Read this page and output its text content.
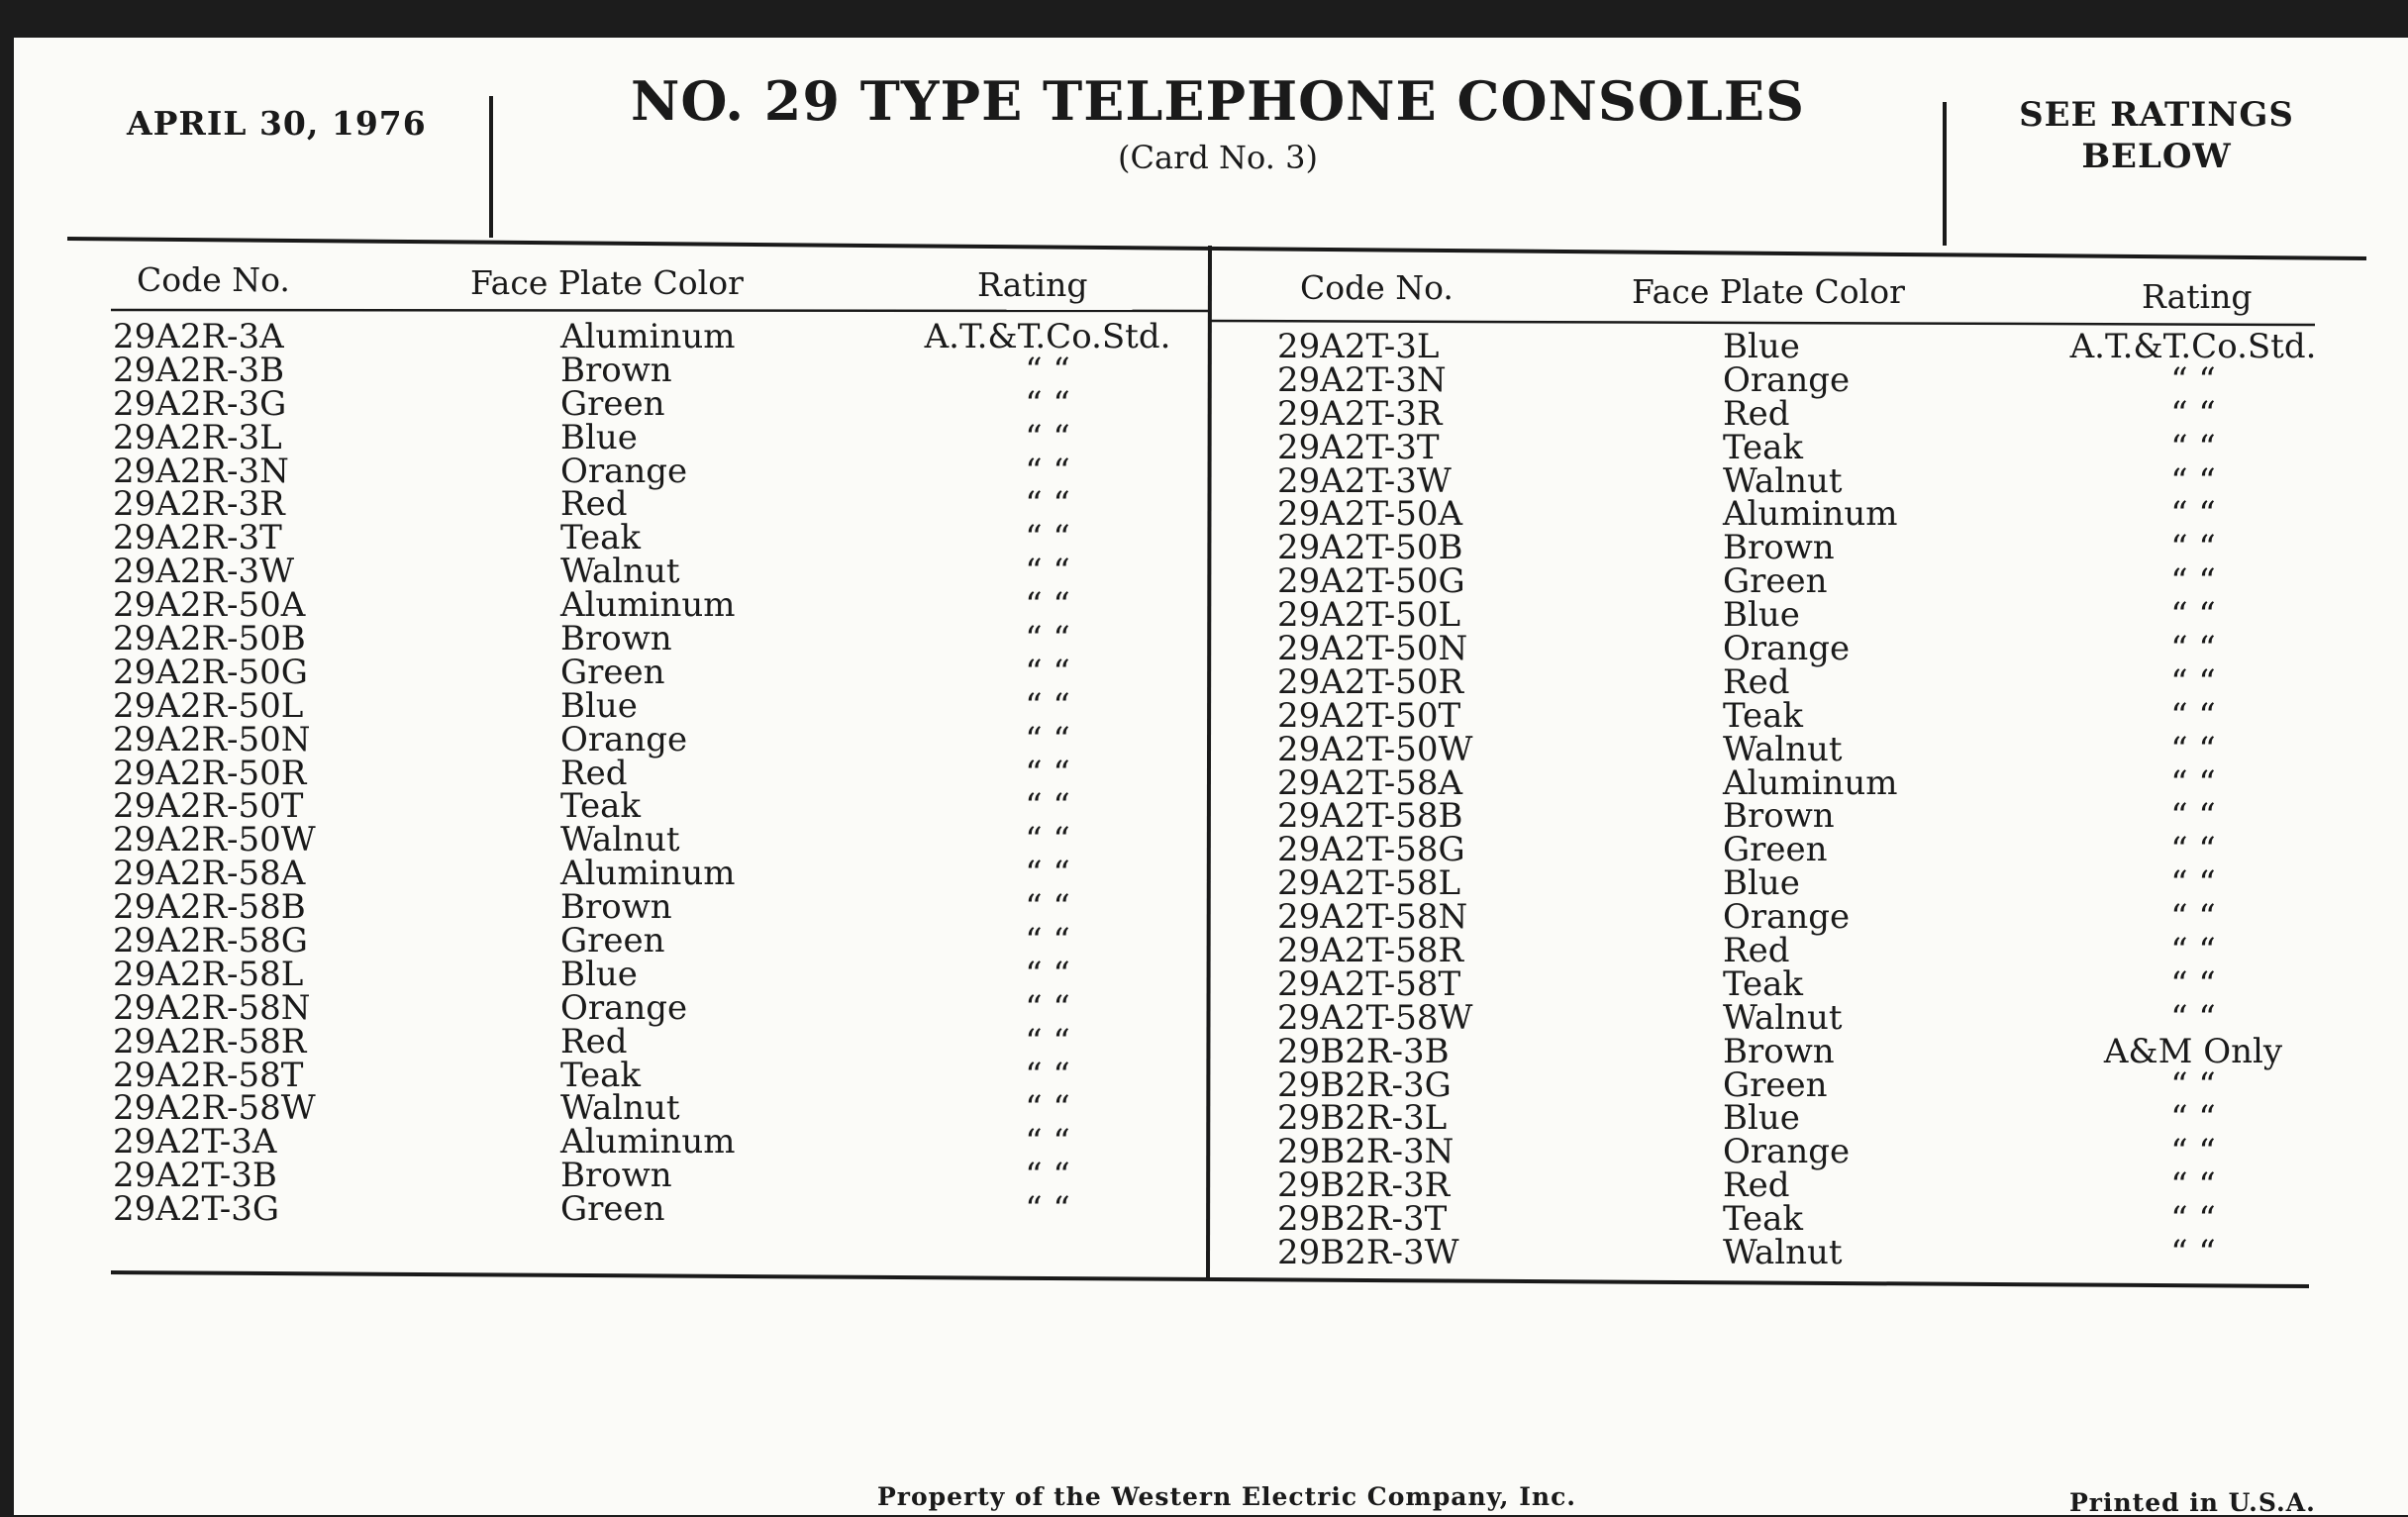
APRIL 30, 1976	NO. 29 TYPE TELEPHONE CONSOLES
(Card No. 3)
SEE RATINGS
BELOW
Code No.	Face Plate Color	Rating	Code No.	Face Plate Color	Rating
29A2R-3A	Aluminum	A.T.&T.Co.Std.
29A2R-3B	Brown	“ “
29A2R-3G	Green	“ “
29A2R-3L	Blue	“ “
29A2R-3N	Orange	“ “
29A2R-3R	Red	“ “
29A2R-3T	Teak	“ “
29A2R-3W	Walnut	“ “
29A2R-50A	Aluminum	“ “
29A2R-50B	Brown	“ “
29A2R-50G	Green	“ “
29A2R-50L	Blue	“ “
29A2R-50N	Orange	“ “
29A2R-50R	Red	“ “
29A2R-50T	Teak	“ “
29A2R-50W	Walnut	“ “
29A2R-58A	Aluminum	“ “
29A2R-58B	Brown	“ “
29A2R-58G	Green	“ “
29A2R-58L	Blue	“ “
29A2R-58N	Orange	“ “
29A2R-58R	Red	“ “
29A2R-58T	Teak	“ “
29A2R-58W	Walnut	“ “
29A2T-3A	Aluminum	“ “
29A2T-3B	Brown	“ “
29A2T-3G	Green	“ “
29A2T-3L	Blue	A.T.&T.Co.Std.
29A2T-3N	Orange	“ “
29A2T-3R	Red	“ “
29A2T-3T	Teak	“ “
29A2T-3W	Walnut	“ “
29A2T-50A	Aluminum	“ “
29A2T-50B	Brown	“ “
29A2T-50G	Green	“ “
29A2T-50L	Blue	“ “
29A2T-50N	Orange	“ “
29A2T-50R	Red	“ “
29A2T-50T	Teak	“ “
29A2T-50W	Walnut	“ “
29A2T-58A	Aluminum	“ “
29A2T-58B	Brown	“ “
29A2T-58G	Green	“ “
29A2T-58L	Blue	“ “
29A2T-58N	Orange	“ “
29A2T-58R	Red	“ “
29A2T-58T	Teak	“ “
29A2T-58W	Walnut	“ “
29B2R-3B	Brown	A&M Only
29B2R-3G	Green	“ “
29B2R-3L	Blue	“ “
29B2R-3N	Orange	“ “
29B2R-3R	Red	“ “
29B2R-3T	Teak	“ “
29B2R-3W	Walnut	“ “
Property of the Western Electric Company, Inc.	Printed in U.S.A.
